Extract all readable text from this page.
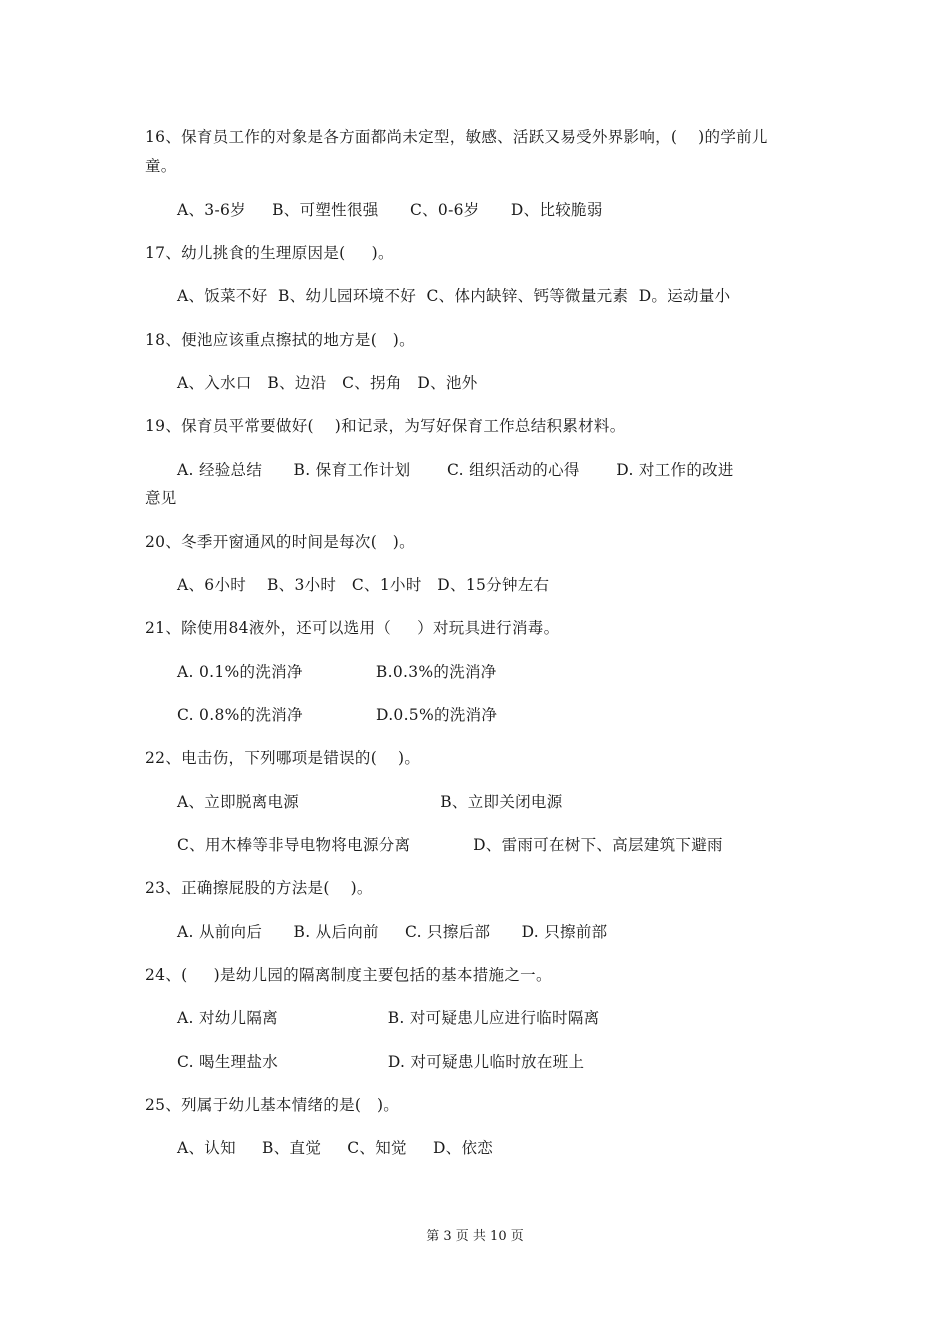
16、保育员工作的对象是各方面都尚未定型，敏感、活跃又易受外界影响，(    )的学前儿
童。
A、3-6岁     B、可塑性很强      C、0-6岁      D、比较脆弱
17、幼儿挑食的生理原因是(     )。
A、饭菜不好  B、幼儿园环境不好  C、体内缺锌、钙等微量元素  D。运动量小
18、便池应该重点擦拭的地方是(   )。
A、入水口   B、边沿   C、拐角   D、池外
19、保育员平常要做好(    )和记录，为写好保育工作总结积累材料。
A. 经验总结      B. 保育工作计划       C. 组织活动的心得       D. 对工作的改进
意见
20、冬季开窗通风的时间是每次(   )。
A、6小时    B、3小时   C、1小时   D、15分钟左右
21、除使用84液外，还可以选用（     ）对玩具进行消毒。
A. 0.1%的洗消净              B.0.3%的洗消净
C. 0.8%的洗消净              D.0.5%的洗消净
22、电击伤，下列哪项是错误的(    )。
A、立即脱离电源                           B、立即关闭电源
C、用木棒等非导电物将电源分离            D、雷雨可在树下、高层建筑下避雨
23、正确擦屁股的方法是(    )。
A. 从前向后      B. 从后向前     C. 只擦后部      D. 只擦前部
24、(     )是幼儿园的隔离制度主要包括的基本措施之一。
A. 对幼儿隔离                     B. 对可疑患儿应进行临时隔离
C. 喝生理盐水                     D. 对可疑患儿临时放在班上
25、列属于幼儿基本情绪的是(   )。
A、认知     B、直觉     C、知觉     D、依恋
第 3 页 共 10 页
